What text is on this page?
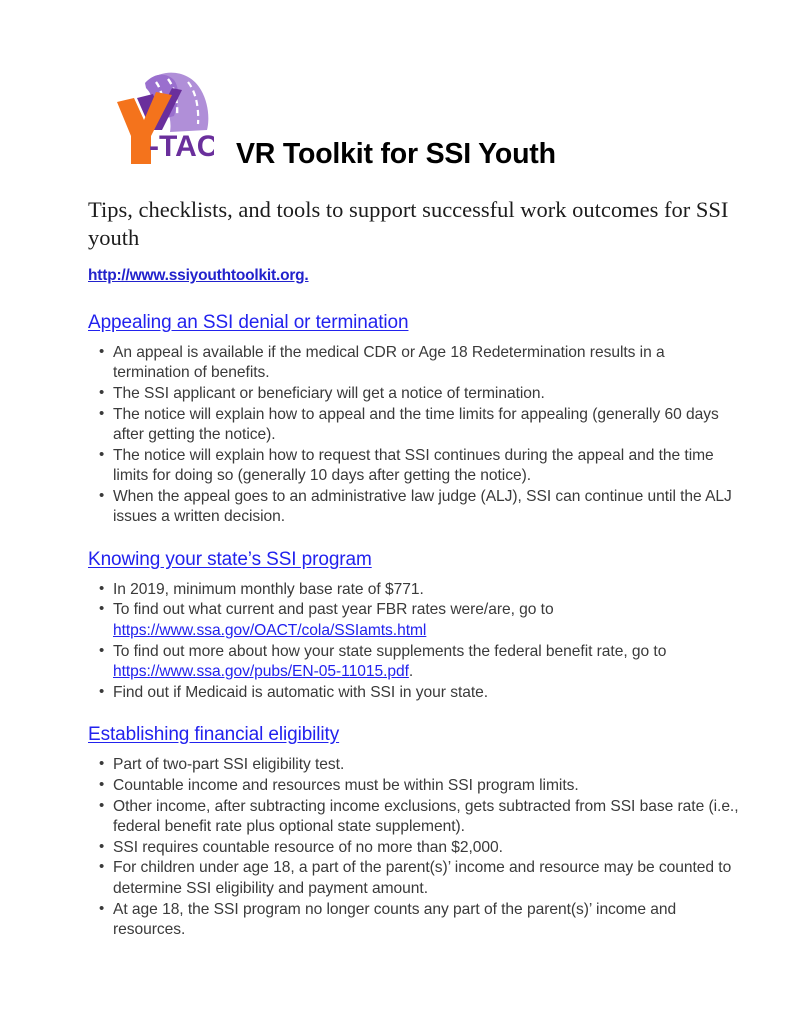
-TAC VR Toolkit for SSI Youth
Tips, checklists, and tools to support successful work outcomes for SSI youth
http://www.ssiyouthtoolkit.org.
Appealing an SSI denial or termination
• An appeal is available if the medical CDR or Age 18 Redetermination results in a termination of benefits.
• The SSI applicant or beneficiary will get a notice of termination.
• The notice will explain how to appeal and the time limits for appealing (generally 60 days after getting the notice).
• The notice will explain how to request that SSI continues during the appeal and the time limits for doing so (generally 10 days after getting the notice).
• When the appeal goes to an administrative law judge (ALJ), SSI can continue until the ALJ issues a written decision.
Knowing your state’s SSI program
• In 2019, minimum monthly base rate of $771.
• To find out what current and past year FBR rates were/are, go to https://www.ssa.gov/OACT/cola/SSIamts.html
• To find out more about how your state supplements the federal benefit rate, go to https://www.ssa.gov/pubs/EN-05-11015.pdf.
• Find out if Medicaid is automatic with SSI in your state.
Establishing financial eligibility
• Part of two-part SSI eligibility test.
• Countable income and resources must be within SSI program limits.
• Other income, after subtracting income exclusions, gets subtracted from SSI base rate (i.e., federal benefit rate plus optional state supplement).
• SSI requires countable resource of no more than $2,000.
• For children under age 18, a part of the parent(s)’ income and resource may be counted to determine SSI eligibility and payment amount.
• At age 18, the SSI program no longer counts any part of the parent(s)’ income and resources.
